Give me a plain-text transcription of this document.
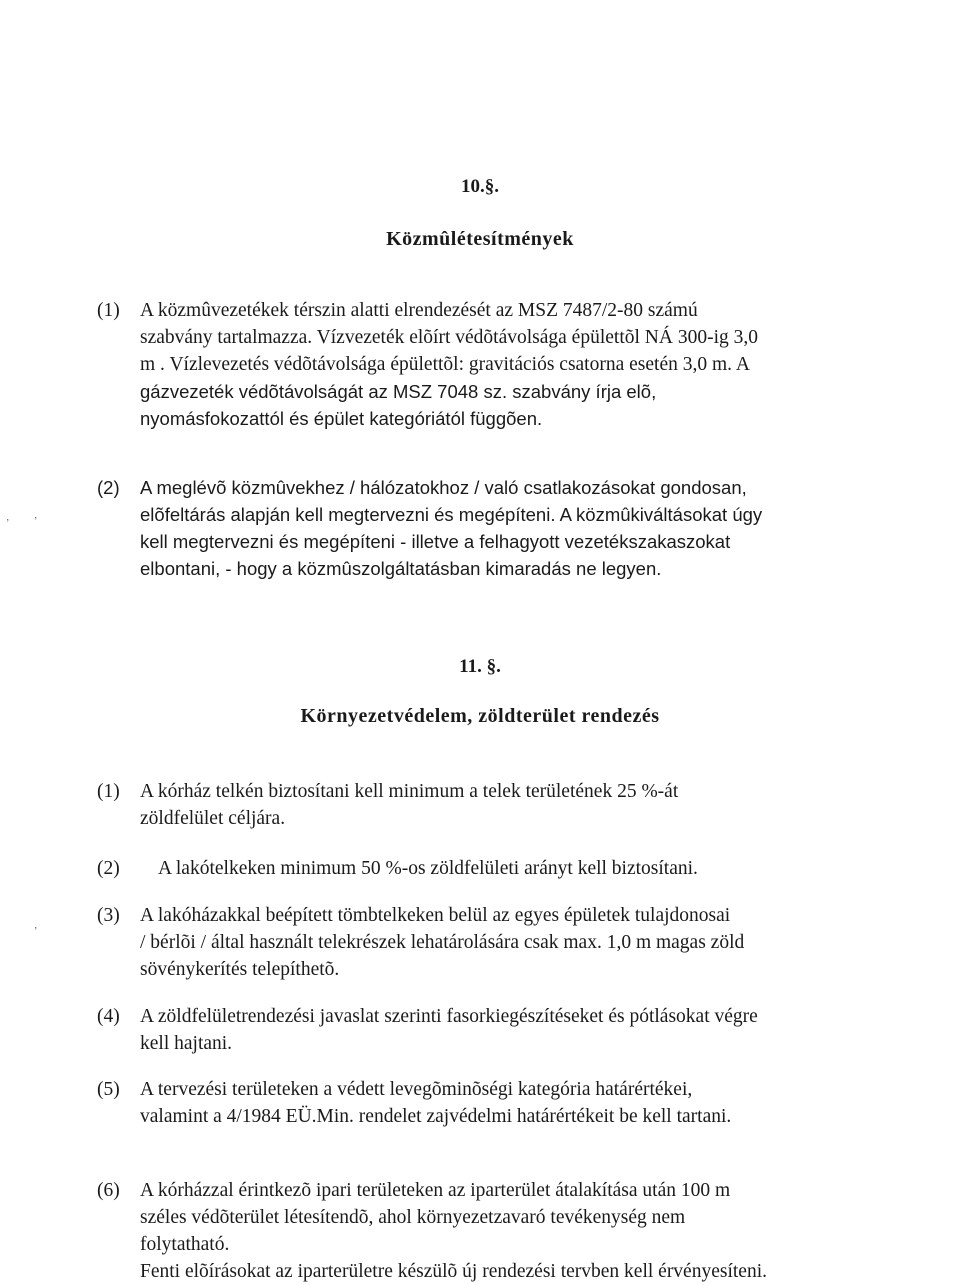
10.§.
Közmûlétesítmények
(1) A közmûvezetékek térszin alatti elrendezését az MSZ 7487/2-80 számú
szabvány tartalmazza. Vízvezeték elõírt védõtávolsága épülettõl NÁ 300-ig 3,0
m . Vízlevezetés védõtávolsága épülettõl: gravitációs csatorna esetén 3,0 m. A
gázvezeték védõtávolságát az MSZ 7048 sz. szabvány írja elõ,
nyomásfokozattól és épület kategóriától függõen.
(2) A meglévõ közmûvekhez / hálózatokhoz / való csatlakozásokat gondosan,
elõfeltárás alapján kell megtervezni és megépíteni. A közmûkiváltásokat úgy
kell megtervezni és megépíteni - illetve a felhagyott vezetékszakaszokat
elbontani, - hogy a közmûszolgáltatásban kimaradás ne legyen.
11. §.
Környezetvédelem, zöldterület rendezés
(1) A kórház telkén biztosítani kell minimum a telek területének 25 %-át
zöldfelület céljára.
(2) A lakótelkeken minimum 50 %-os zöldfelületi arányt kell biztosítani.
(3) A lakóházakkal beépített tömbtelkeken belül az egyes épületek tulajdonosai
/ bérlõi / által használt telekrészek lehatárolására csak max. 1,0 m magas zöld
sövénykerítés telepíthetõ.
(4) A zöldfelületrendezési javaslat szerinti fasorkiegészítéseket és pótlásokat végre
kell hajtani.
(5) A tervezési területeken a védett levegõminõségi kategória határértékei,
valamint a 4/1984 EÜ.Min. rendelet zajvédelmi határértékeit be kell tartani.
(6) A kórházzal érintkezõ ipari területeken az iparterület átalakítása után 100 m
széles védõterület létesítendõ, ahol környezetzavaró tevékenység nem
folytatható.
Fenti elõírásokat az iparterületre készülõ új rendezési tervben kell érvényesíteni.
’ ’
’
